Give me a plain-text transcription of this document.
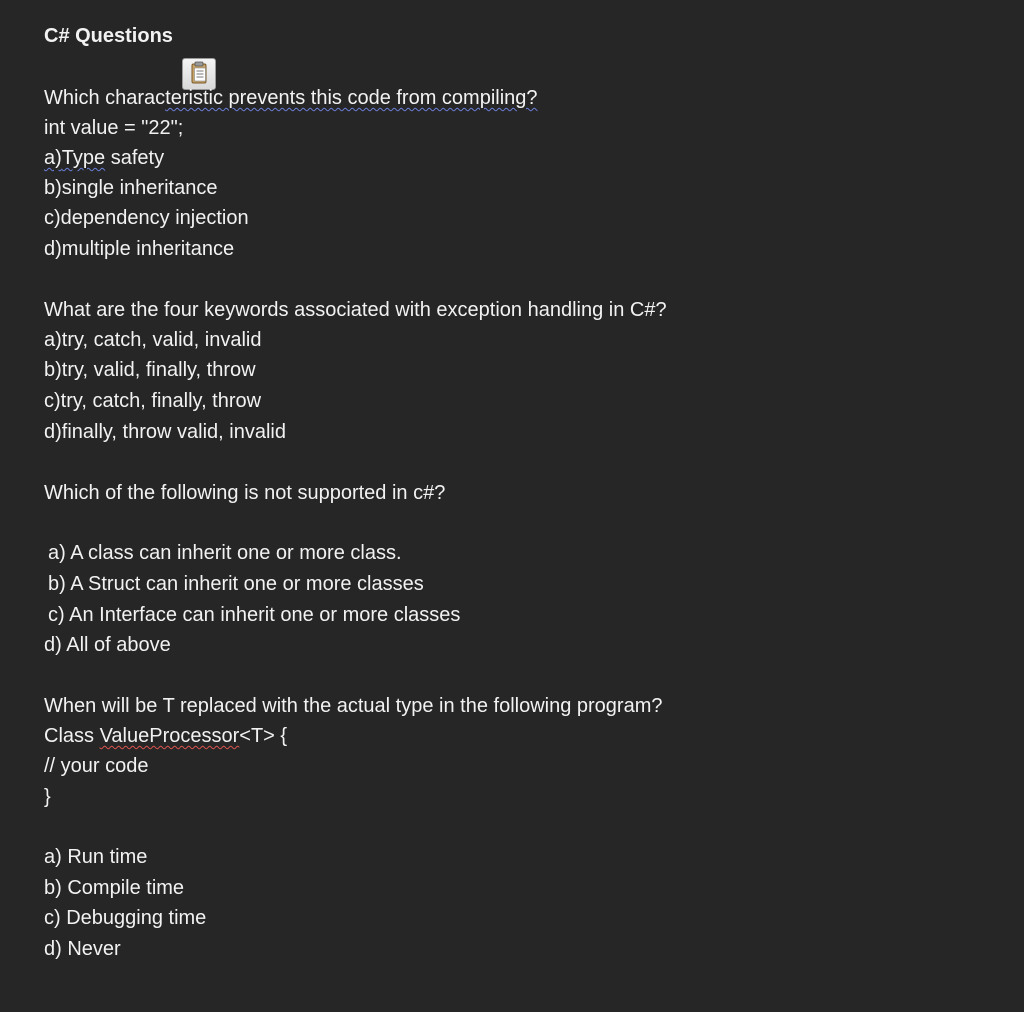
C# Questions
Which characteristic prevents this code from compiling?
int value = "22";
a)Type safety
b)single inheritance
c)dependency injection
d)multiple inheritance
What are the four keywords associated with exception handling in C#?
a)try, catch, valid, invalid
b)try, valid, finally, throw
c)try, catch, finally, throw
d)finally, throw valid, invalid
Which of the following is not supported in c#?
a) A class can inherit one or more class.
b) A Struct can inherit one or more classes
c) An Interface can inherit one or more classes
d) All of above
When will be T replaced with the actual type in the following program?
Class ValueProcessor<T> {
// your code
}
a) Run time
b) Compile time
c) Debugging time
d) Never
